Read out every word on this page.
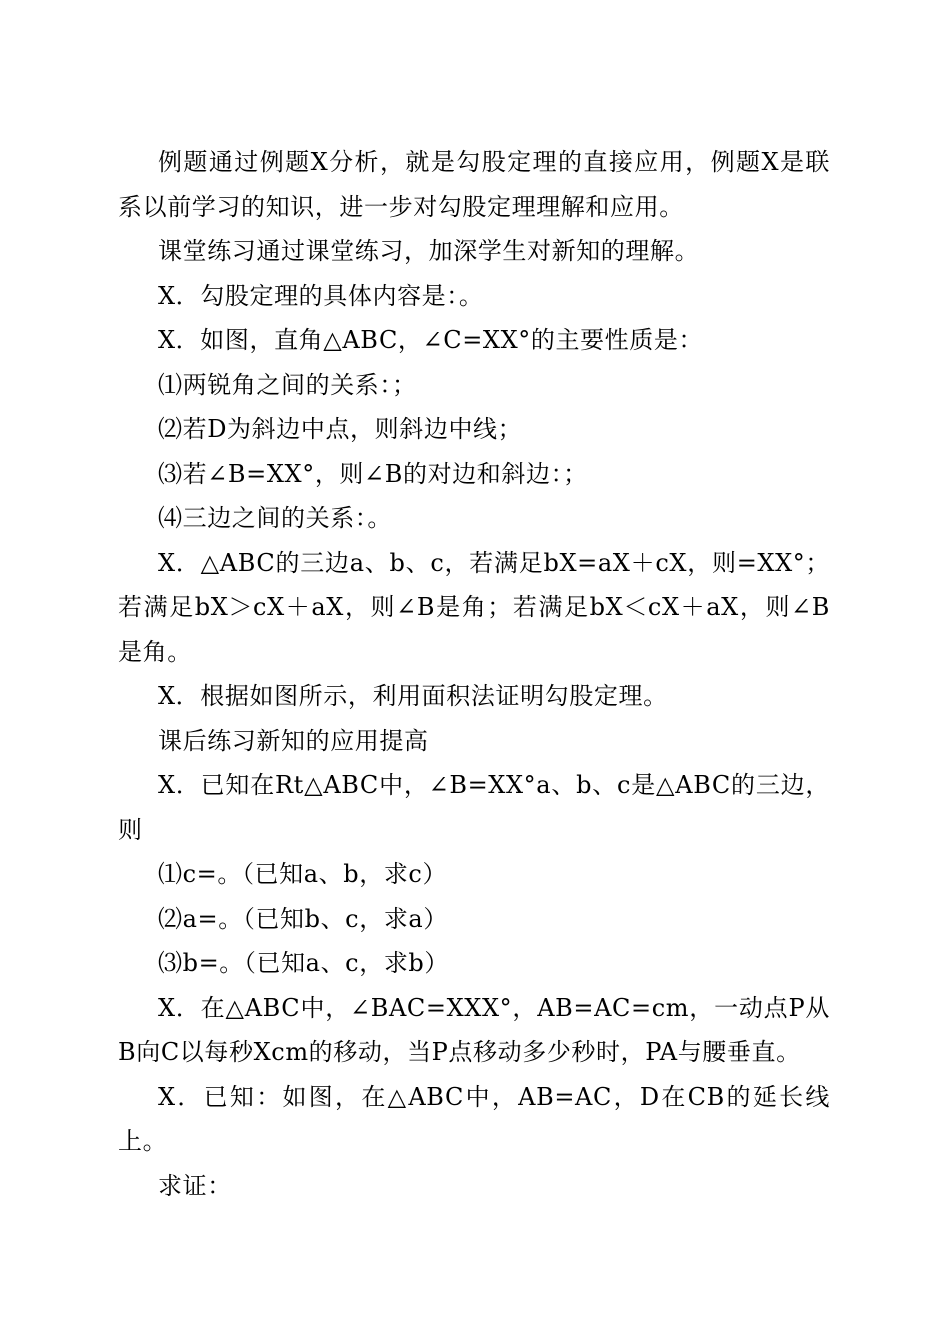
例题通过例题X分析，就是勾股定理的直接应用，例题X是联系以前学习的知识，进一步对勾股定理理解和应用。

课堂练习通过课堂练习，加深学生对新知的理解。

X．勾股定理的具体内容是：。

X．如图，直角△ABC，∠C=XX°的主要性质是：

⑴两锐角之间的关系：；

⑵若D为斜边中点，则斜边中线；

⑶若∠B=XX°，则∠B的对边和斜边：；

⑷三边之间的关系：。

X．△ABC的三边a、b、c，若满足bX=aX＋cX，则=XX°；若满足bX＞cX＋aX，则∠B是角；若满足bX＜cX＋aX，则∠B是角。

X．根据如图所示，利用面积法证明勾股定理。

课后练习新知的应用提高

X．已知在Rt△ABC中，∠B=XX°a、b、c是△ABC的三边，则

⑴c=。（已知a、b，求c）

⑵a=。（已知b、c，求a）

⑶b=。（已知a、c，求b）

X．在△ABC中，∠BAC=XXX°，AB=AC=cm，一动点P从B向C以每秒Xcm的移动，当P点移动多少秒时，PA与腰垂直。

X．已知：如图，在△ABC中，AB=AC，D在CB的延长线上。

求证：
